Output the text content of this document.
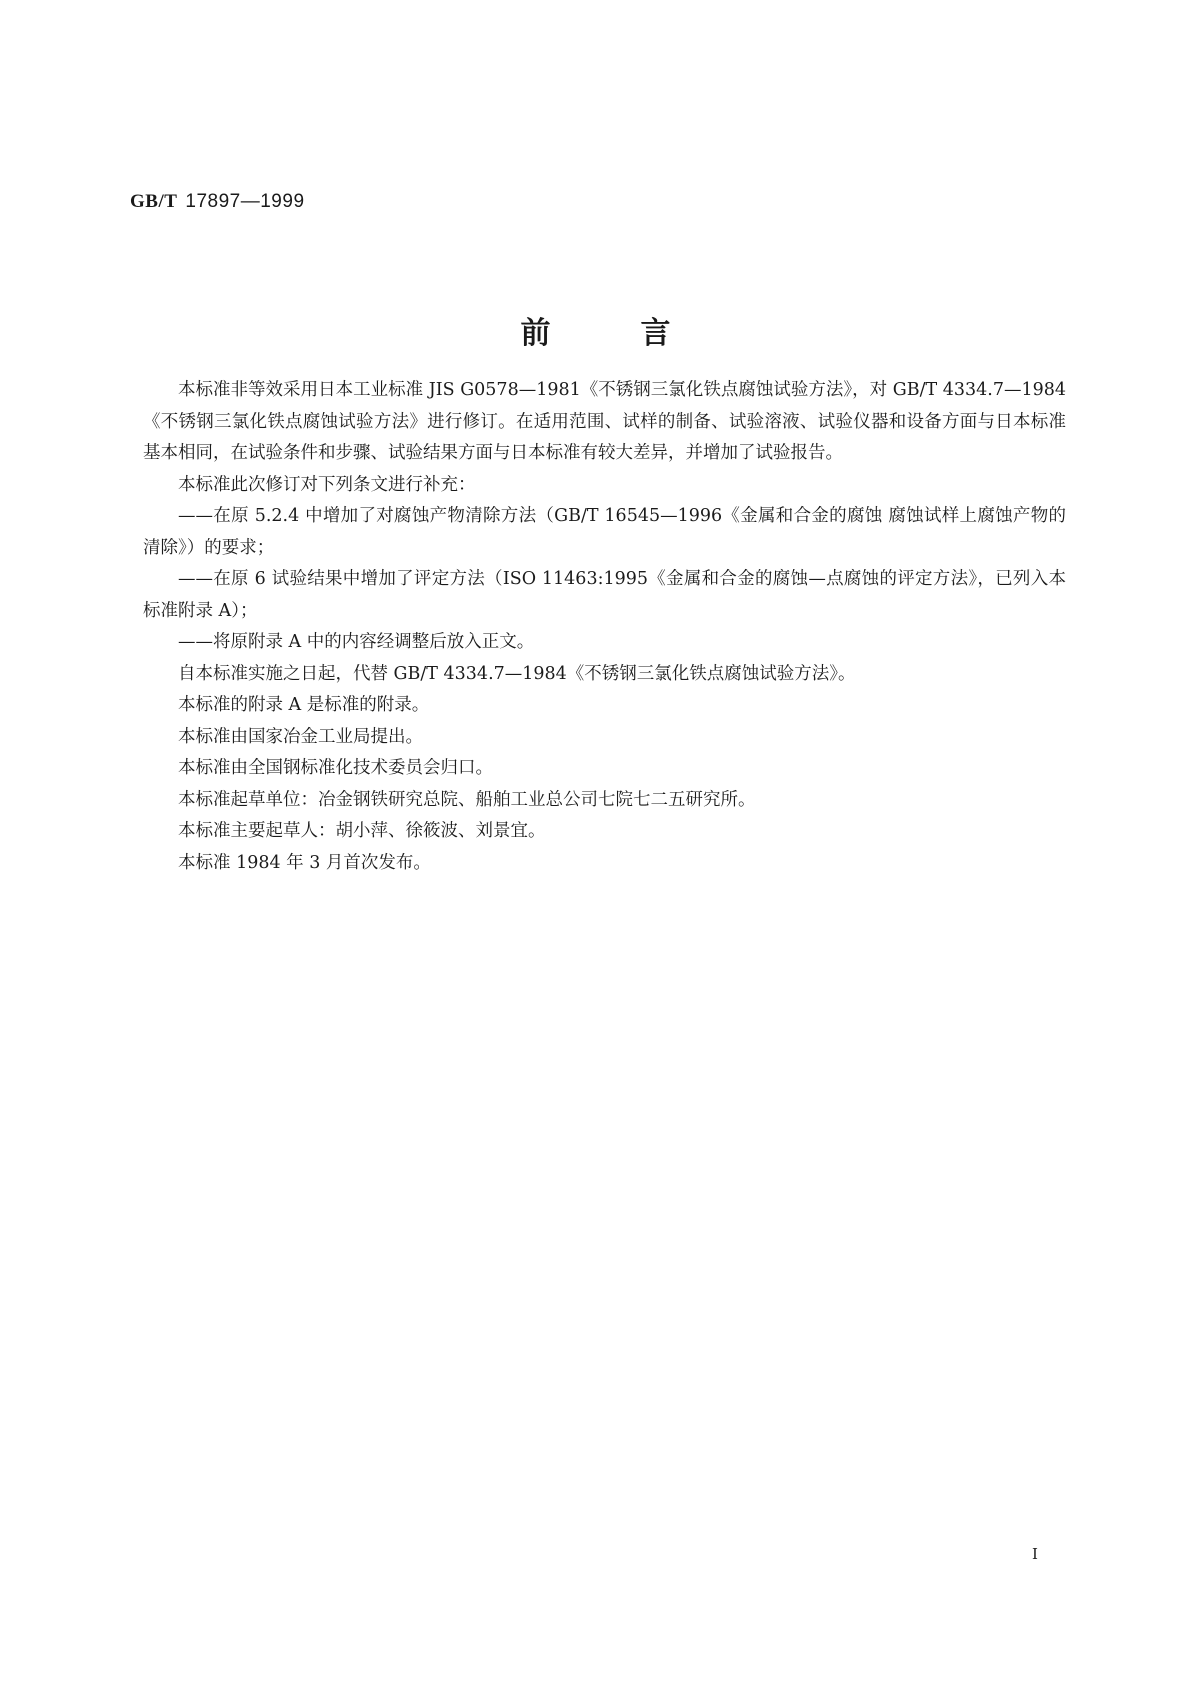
GB/T 17897—1999
前言

本标准非等效采用日本工业标准 JIS G0578—1981《不锈钢三氯化铁点腐蚀试验方法》，对 GB/T 4334.7—1984《不锈钢三氯化铁点腐蚀试验方法》进行修订。在适用范围、试样的制备、试验溶液、试验仪器和设备方面与日本标准基本相同，在试验条件和步骤、试验结果方面与日本标准有较大差异，并增加了试验报告。

本标准此次修订对下列条文进行补充：

——在原 5.2.4 中增加了对腐蚀产物清除方法（GB/T 16545—1996《金属和合金的腐蚀 腐蚀试样上腐蚀产物的清除》）的要求；

——在原 6 试验结果中增加了评定方法（ISO 11463:1995《金属和合金的腐蚀—点腐蚀的评定方法》，已列入本标准附录 A）；

——将原附录 A 中的内容经调整后放入正文。

自本标准实施之日起，代替 GB/T 4334.7—1984《不锈钢三氯化铁点腐蚀试验方法》。

本标准的附录 A 是标准的附录。

本标准由国家冶金工业局提出。

本标准由全国钢标准化技术委员会归口。

本标准起草单位：冶金钢铁研究总院、船舶工业总公司七院七二五研究所。

本标准主要起草人：胡小萍、徐筱波、刘景宜。

本标准 1984 年 3 月首次发布。

I
